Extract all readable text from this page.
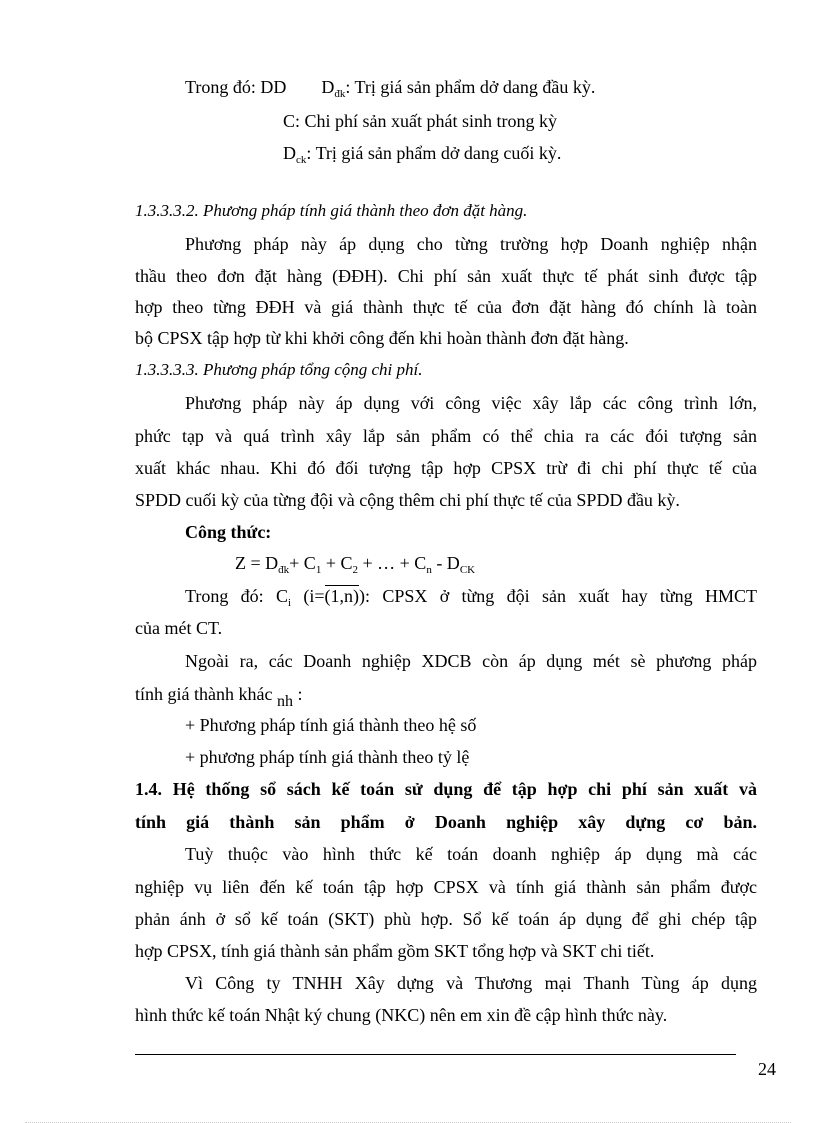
Trong đó: DD $D_{đk}$: Trị giá sản phẩm dở dang đầu kỳ.
C: Chi phí sản xuất phát sinh trong kỳ
$D_{ck}$: Trị giá sản phẩm dở dang cuối kỳ.
1.3.3.3.2. Phương pháp tính giá thành theo đơn đặt hàng.
Phương pháp này áp dụng cho từng trường hợp Doanh nghiệp nhận
thầu theo đơn đặt hàng (ĐĐH). Chi phí sản xuất thực tế phát sinh được tập
hợp theo từng ĐĐH và giá thành thực tế của đơn đặt hàng đó chính là toàn
bộ CPSX tập hợp từ khi khởi công đến khi hoàn thành đơn đặt hàng.
1.3.3.3.3. Phương pháp tổng cộng chi phí.
Phương pháp này áp dụng với công việc xây lắp các công trình lớn,
phức tạp và quá trình xây lắp sản phẩm có thể chia ra các đói tượng sản
xuất khác nhau. Khi đó đối tượng tập hợp CPSX trừ đi chi phí thực tế của
SPDD cuối kỳ của từng đội và cộng thêm chi phí thực tế của SPDD đầu kỳ.
Công thức:
$Z = D_{đk}+ C_1 + C_2$ + … + $C_n - D_{CK}$
Trong đó: $C_i$ (i=(1,n)): CPSX ở từng đội sản xuất hay từng HMCT
của mét CT.
Ngoài ra, các Doanh nghiệp XDCB còn áp dụng mét sè phương pháp
tính giá thành khác nh :
+ Phương pháp tính giá thành theo hệ số
+ phương pháp tính giá thành theo tỷ lệ
1.4. Hệ thống sổ sách kế toán sử dụng để tập hợp chi phí sản xuất và
tính giá thành sản phẩm ở Doanh nghiệp xây dựng cơ bản.
Tuỳ thuộc vào hình thức kế toán doanh nghiệp áp dụng mà các
nghiệp vụ liên đến kế toán tập hợp CPSX và tính giá thành sản phẩm được
phản ánh ở sổ kế toán (SKT) phù hợp. Sổ kế toán áp dụng để ghi chép tập
hợp CPSX, tính giá thành sản phẩm gồm SKT tổng hợp và SKT chi tiết.
Vì Công ty TNHH Xây dựng và Thương mại Thanh Tùng áp dụng
hình thức kế toán Nhật ký chung (NKC) nên em xin đề cập hình thức này.
24
